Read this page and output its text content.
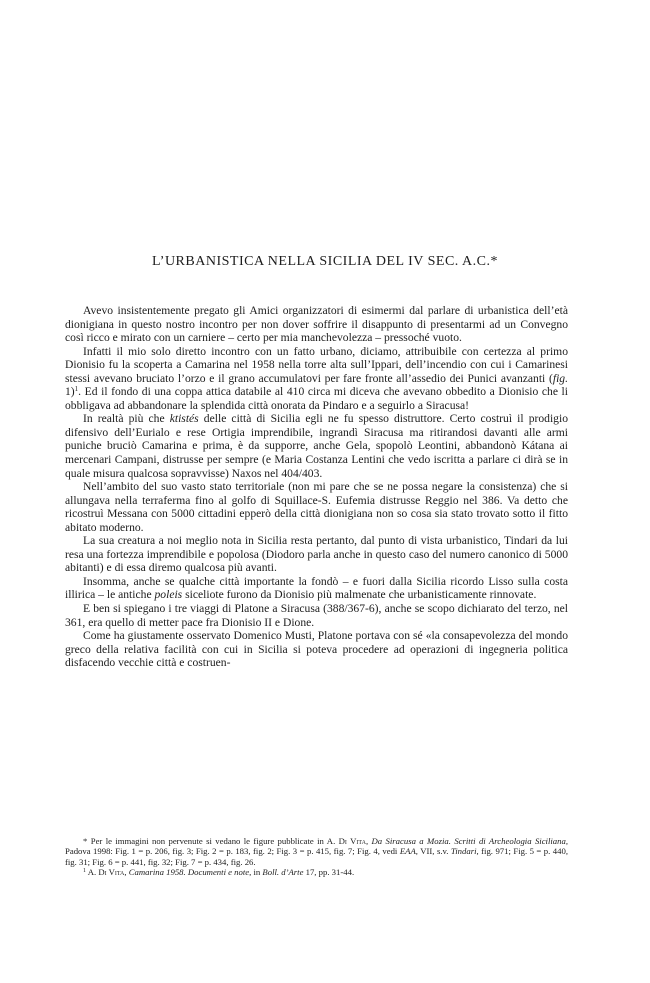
L’URBANISTICA NELLA SICILIA DEL IV SEC. A.C.*

Avevo insistentemente pregato gli Amici organizzatori di esimermi dal parlare di urbanistica dell’età dionigiana in questo nostro incontro per non dover soffrire il disappunto di presentarmi ad un Convegno così ricco e mirato con un carniere – certo per mia manchevolezza – pressoché vuoto.

Infatti il mio solo diretto incontro con un fatto urbano, diciamo, attribuibile con certezza al primo Dionisio fu la scoperta a Camarina nel 1958 nella torre alta sull’Ippari, dell’incendio con cui i Camarinesi stessi avevano bruciato l’orzo e il grano accumulatovi per fare fronte all’assedio dei Punici avanzanti (fig. 1)$^1$. Ed il fondo di una coppa attica databile al 410 circa mi diceva che avevano obbedito a Dionisio che li obbligava ad abbandonare la splendida città onorata da Pindaro e a seguirlo a Siracusa!

In realtà più che ktistés delle città di Sicilia egli ne fu spesso distruttore. Certo costruì il prodigio difensivo dell’Eurialo e rese Ortigia imprendibile, ingrandì Siracusa ma ritirandosi davanti alle armi puniche bruciò Camarina e prima, è da supporre, anche Gela, spopolò Leontini, abbandonò Kátana ai mercenari Campani, distrusse per sempre (e Maria Costanza Lentini che vedo iscritta a parlare ci dirà se in quale misura qualcosa sopravvisse) Naxos nel 404/403.

Nell’ambito del suo vasto stato territoriale (non mi pare che se ne possa negare la consistenza) che si allungava nella terraferma fino al golfo di Squillace-S. Eufemia distrusse Reggio nel 386. Va detto che ricostruì Messana con 5000 cittadini epperò della città dionigiana non so cosa sia stato trovato sotto il fitto abitato moderno.

La sua creatura a noi meglio nota in Sicilia resta pertanto, dal punto di vista urbanistico, Tindari da lui resa una fortezza imprendibile e popolosa (Diodoro parla anche in questo caso del numero canonico di 5000 abitanti) e di essa diremo qualcosa più avanti.

Insomma, anche se qualche città importante la fondò – e fuori dalla Sicilia ricordo Lisso sulla costa illirica – le antiche poleis siceliote furono da Dionisio più malmenate che urbanisticamente rinnovate.

E ben si spiegano i tre viaggi di Platone a Siracusa (388/367-6), anche se scopo dichiarato del terzo, nel 361, era quello di metter pace fra Dionisio II e Dione.

Come ha giustamente osservato Domenico Musti, Platone portava con sé «la consapevolezza del mondo greco della relativa facilità con cui in Sicilia si poteva procedere ad operazioni di ingegneria politica disfacendo vecchie città e costruen-

* Per le immagini non pervenute si vedano le figure pubblicate in A. Di Vita, Da Siracusa a Mozia. Scritti di Archeologia Siciliana, Padova 1998: Fig. 1 = p. 206, fig. 3; Fig. 2 = p. 183, fig. 2; Fig. 3 = p. 415, fig. 7; Fig. 4, vedi EAA, VII, s.v. Tindari, fig. 971; Fig. 5 = p. 440, fig. 31; Fig. 6 = p. 441, fig. 32; Fig. 7 = p. 434, fig. 26.

$^1$ A. Di Vita, Camarina 1958. Documenti e note, in Boll. d’Arte 17, pp. 31-44.
